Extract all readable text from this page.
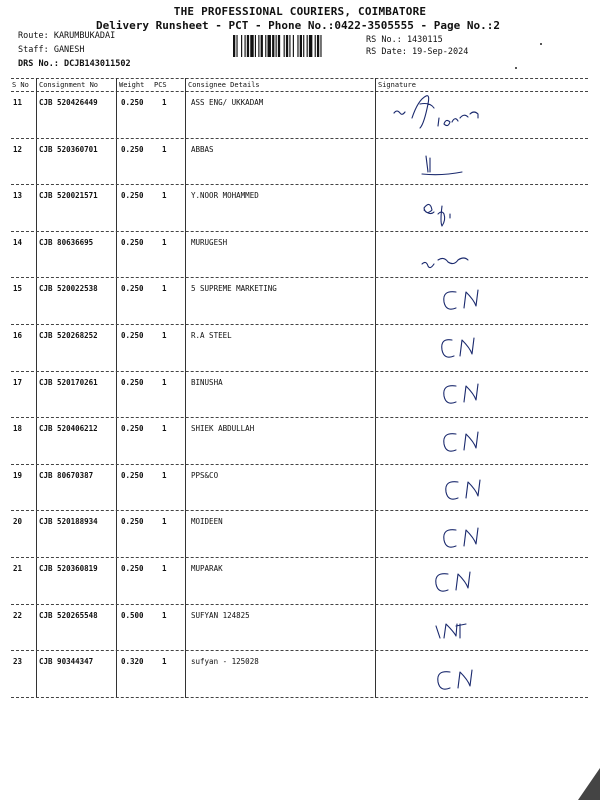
THE PROFESSIONAL COURIERS, COIMBATORE
Delivery Runsheet - PCT - Phone No.:0422-3505555 - Page No.:2
Route: KARUMBUKADAI
Staff: GANESH
DRS No.: DCJB143011502
RS No.: 1430115
RS Date: 19-Sep-2024
S No Consignment No	Weight PCS	Consignee Details	Signature
11 CJB 520426449	0.250 1	ASS ENG/ UKKADAM
12 CJB 520360701	0.250 1	ABBAS
13 CJB 520021571	0.250 1	Y.NOOR MOHAMMED
14 CJB 80636695	0.250 1	MURUGESH
15 CJB 520022538	0.250 1	5 SUPREME MARKETING
16 CJB 520268252	0.250 1	R.A STEEL
17 CJB 520170261	0.250 1	BINUSHA
18 CJB 520406212	0.250 1	SHIEK ABDULLAH
19 CJB 80670387	0.250 1	PPS&CO
20 CJB 520188934	0.250 1	MOIDEEN
21 CJB 520360819	0.250 1	MUPARAK
22 CJB 520265548	0.500 1	SUFYAN 124825
23 CJB 90344347	0.320 1	sufyan - 125028
